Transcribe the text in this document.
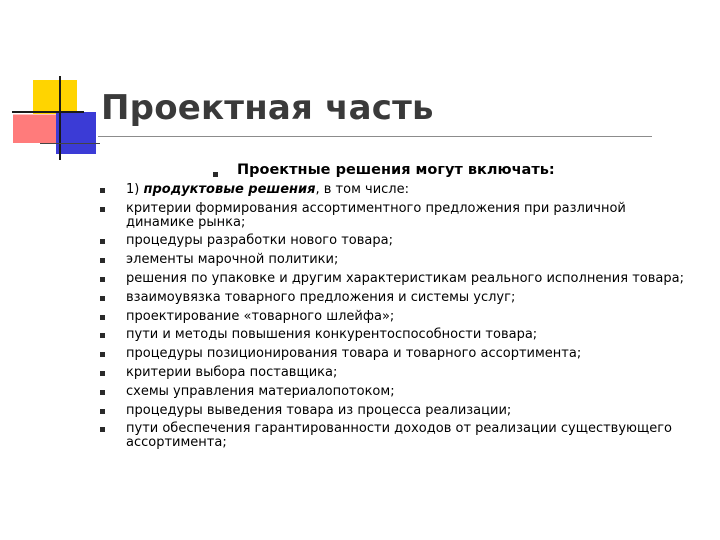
Проектная часть
Проектные решения могут включать:
1) продуктовые решения, в том числе:
критерии формирования ассортиментного предложения при различной динамике рынка;
процедуры разработки нового товара;
элементы марочной политики;
решения по упаковке и другим характеристикам реального исполнения товара;
взаимоувязка товарного предложения и системы услуг;
проектирование «товарного шлейфа»;
пути и методы повышения конкурентоспособности товара;
процедуры позиционирования товара и товарного ассортимента;
критерии выбора поставщика;
схемы управления материалопотоком;
процедуры выведения товара из процесса реализации;
пути обеспечения гарантированности доходов от реализации существующего ассортимента;
